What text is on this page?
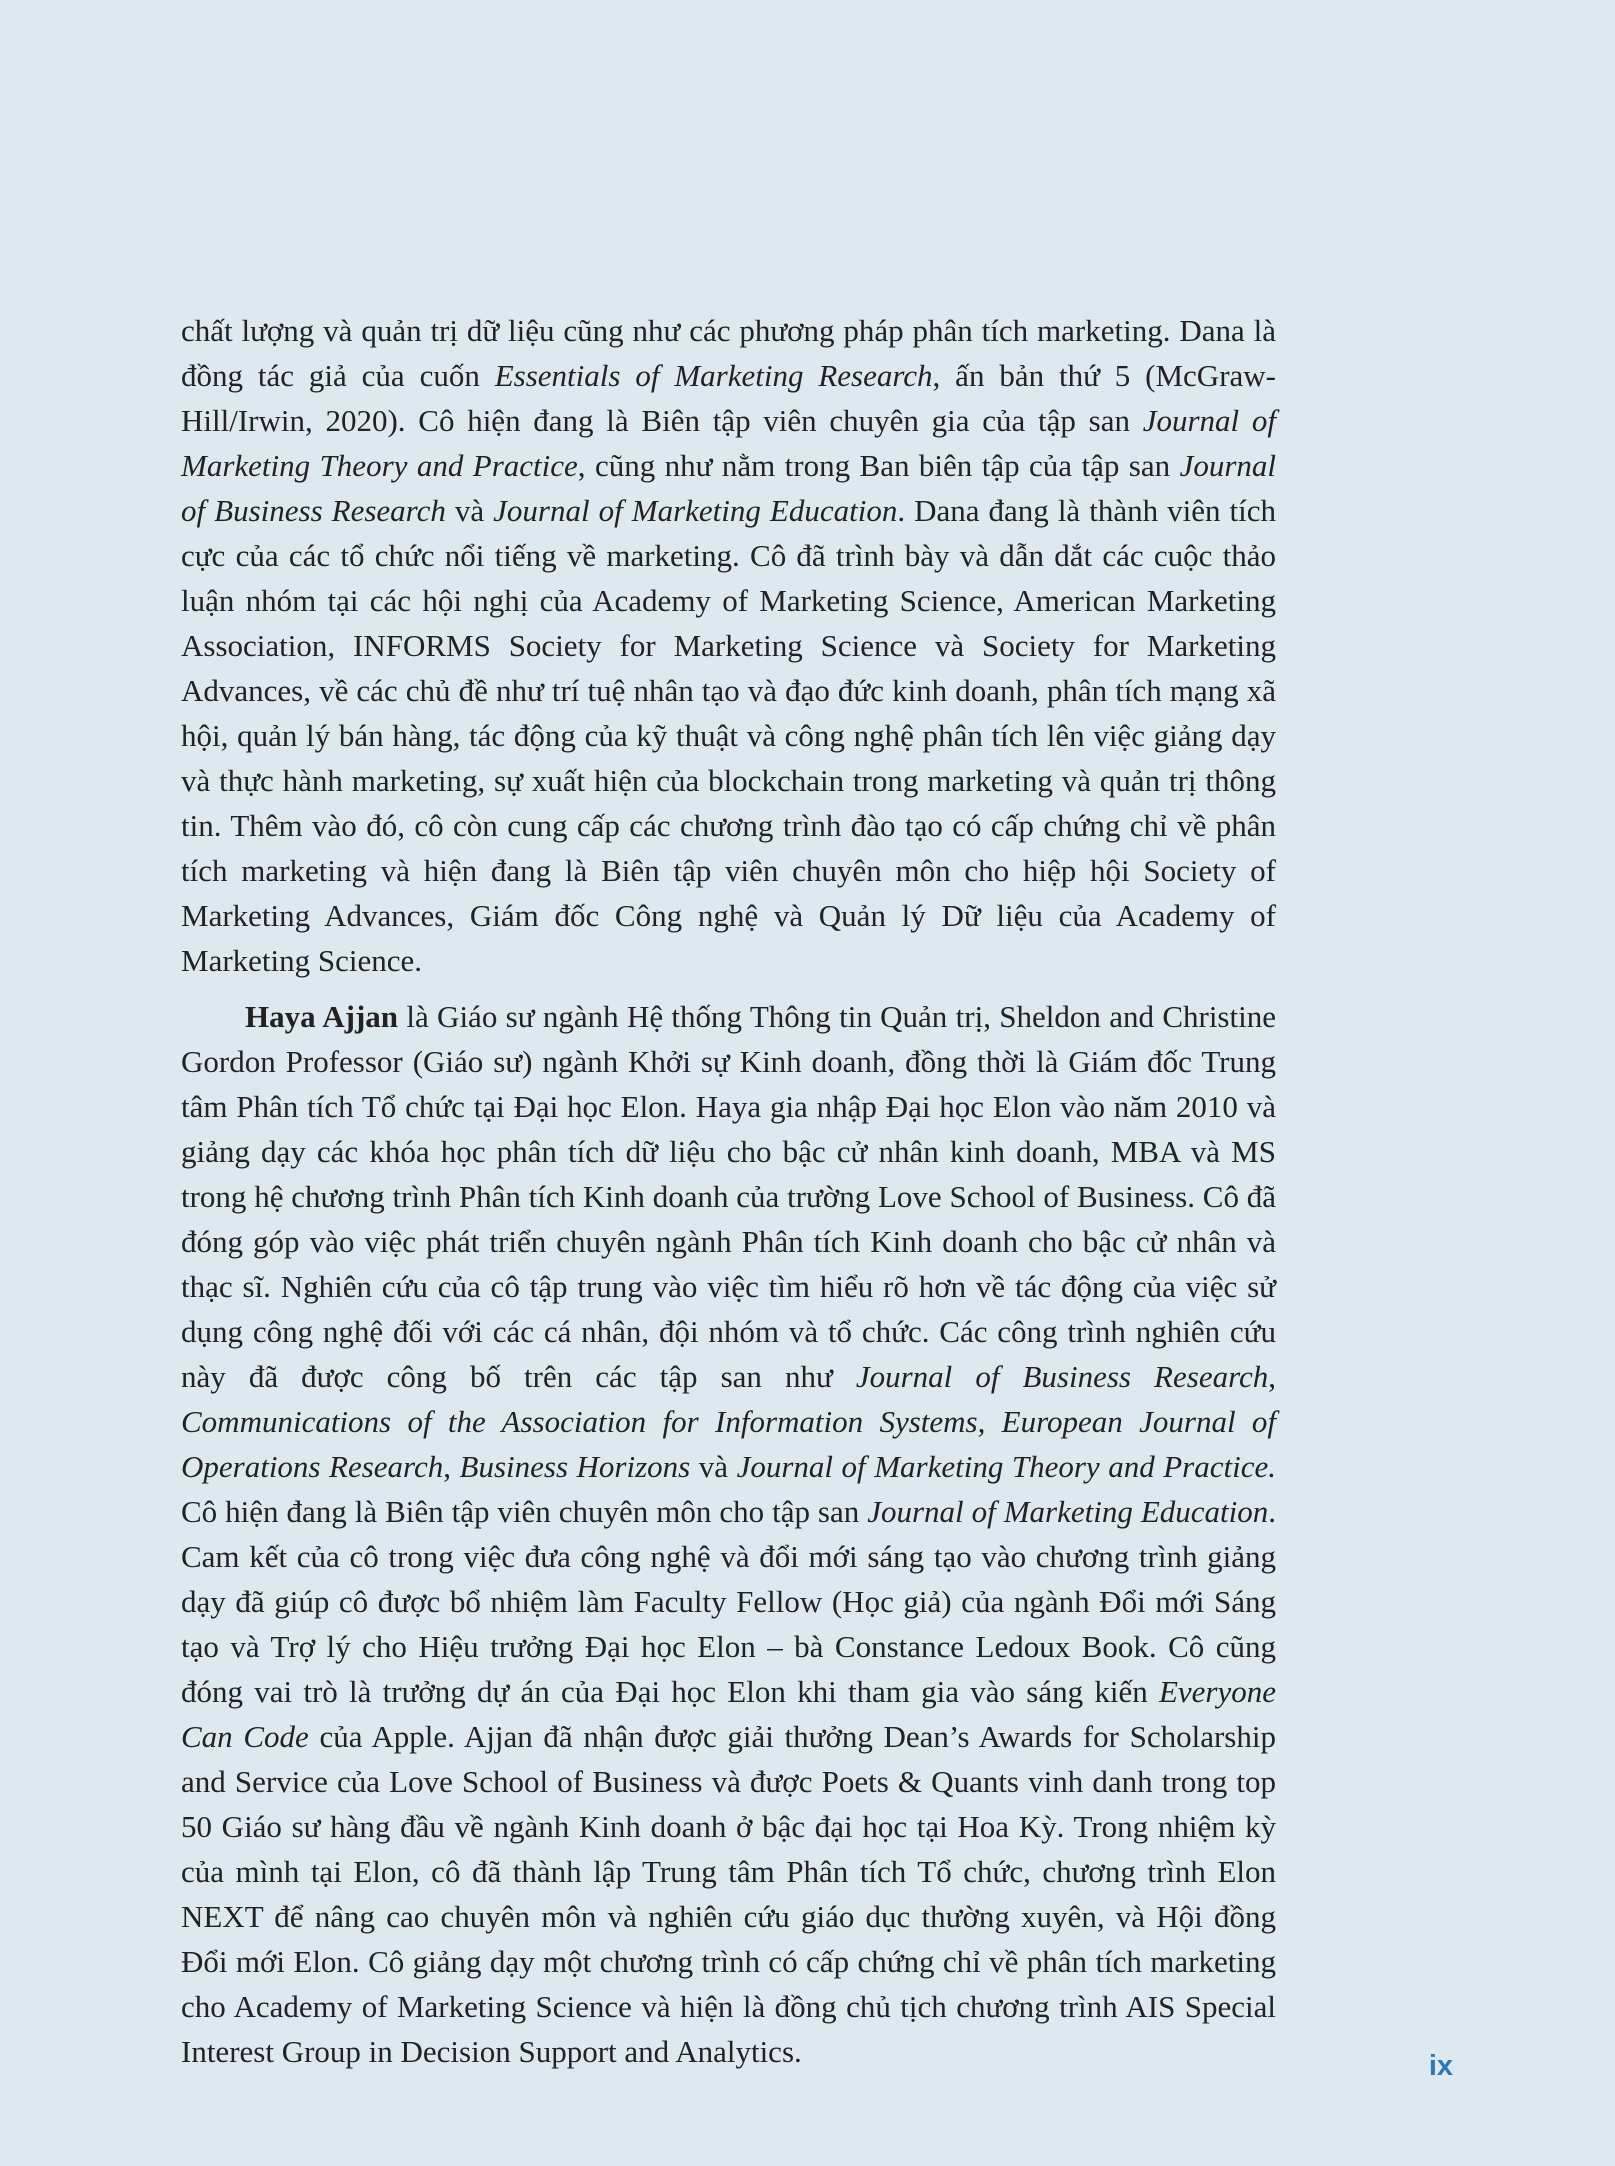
chất lượng và quản trị dữ liệu cũng như các phương pháp phân tích marketing. Dana là đồng tác giả của cuốn Essentials of Marketing Research, ấn bản thứ 5 (McGraw-Hill/Irwin, 2020). Cô hiện đang là Biên tập viên chuyên gia của tập san Journal of Marketing Theory and Practice, cũng như nằm trong Ban biên tập của tập san Journal of Business Research và Journal of Marketing Education. Dana đang là thành viên tích cực của các tổ chức nổi tiếng về marketing. Cô đã trình bày và dẫn dắt các cuộc thảo luận nhóm tại các hội nghị của Academy of Marketing Science, American Marketing Association, INFORMS Society for Marketing Science và Society for Marketing Advances, về các chủ đề như trí tuệ nhân tạo và đạo đức kinh doanh, phân tích mạng xã hội, quản lý bán hàng, tác động của kỹ thuật và công nghệ phân tích lên việc giảng dạy và thực hành marketing, sự xuất hiện của blockchain trong marketing và quản trị thông tin. Thêm vào đó, cô còn cung cấp các chương trình đào tạo có cấp chứng chỉ về phân tích marketing và hiện đang là Biên tập viên chuyên môn cho hiệp hội Society of Marketing Advances, Giám đốc Công nghệ và Quản lý Dữ liệu của Academy of Marketing Science.

Haya Ajjan là Giáo sư ngành Hệ thống Thông tin Quản trị, Sheldon and Christine Gordon Professor (Giáo sư) ngành Khởi sự Kinh doanh, đồng thời là Giám đốc Trung tâm Phân tích Tổ chức tại Đại học Elon. Haya gia nhập Đại học Elon vào năm 2010 và giảng dạy các khóa học phân tích dữ liệu cho bậc cử nhân kinh doanh, MBA và MS trong hệ chương trình Phân tích Kinh doanh của trường Love School of Business. Cô đã đóng góp vào việc phát triển chuyên ngành Phân tích Kinh doanh cho bậc cử nhân và thạc sĩ. Nghiên cứu của cô tập trung vào việc tìm hiểu rõ hơn về tác động của việc sử dụng công nghệ đối với các cá nhân, đội nhóm và tổ chức. Các công trình nghiên cứu này đã được công bố trên các tập san như Journal of Business Research, Communications of the Association for Information Systems, European Journal of Operations Research, Business Horizons và Journal of Marketing Theory and Practice. Cô hiện đang là Biên tập viên chuyên môn cho tập san Journal of Marketing Education. Cam kết của cô trong việc đưa công nghệ và đổi mới sáng tạo vào chương trình giảng dạy đã giúp cô được bổ nhiệm làm Faculty Fellow (Học giả) của ngành Đổi mới Sáng tạo và Trợ lý cho Hiệu trưởng Đại học Elon – bà Constance Ledoux Book. Cô cũng đóng vai trò là trưởng dự án của Đại học Elon khi tham gia vào sáng kiến Everyone Can Code của Apple. Ajjan đã nhận được giải thưởng Dean’s Awards for Scholarship and Service của Love School of Business và được Poets & Quants vinh danh trong top 50 Giáo sư hàng đầu về ngành Kinh doanh ở bậc đại học tại Hoa Kỳ. Trong nhiệm kỳ của mình tại Elon, cô đã thành lập Trung tâm Phân tích Tổ chức, chương trình Elon NEXT để nâng cao chuyên môn và nghiên cứu giáo dục thường xuyên, và Hội đồng Đổi mới Elon. Cô giảng dạy một chương trình có cấp chứng chỉ về phân tích marketing cho Academy of Marketing Science và hiện là đồng chủ tịch chương trình AIS Special Interest Group in Decision Support and Analytics.	ix
